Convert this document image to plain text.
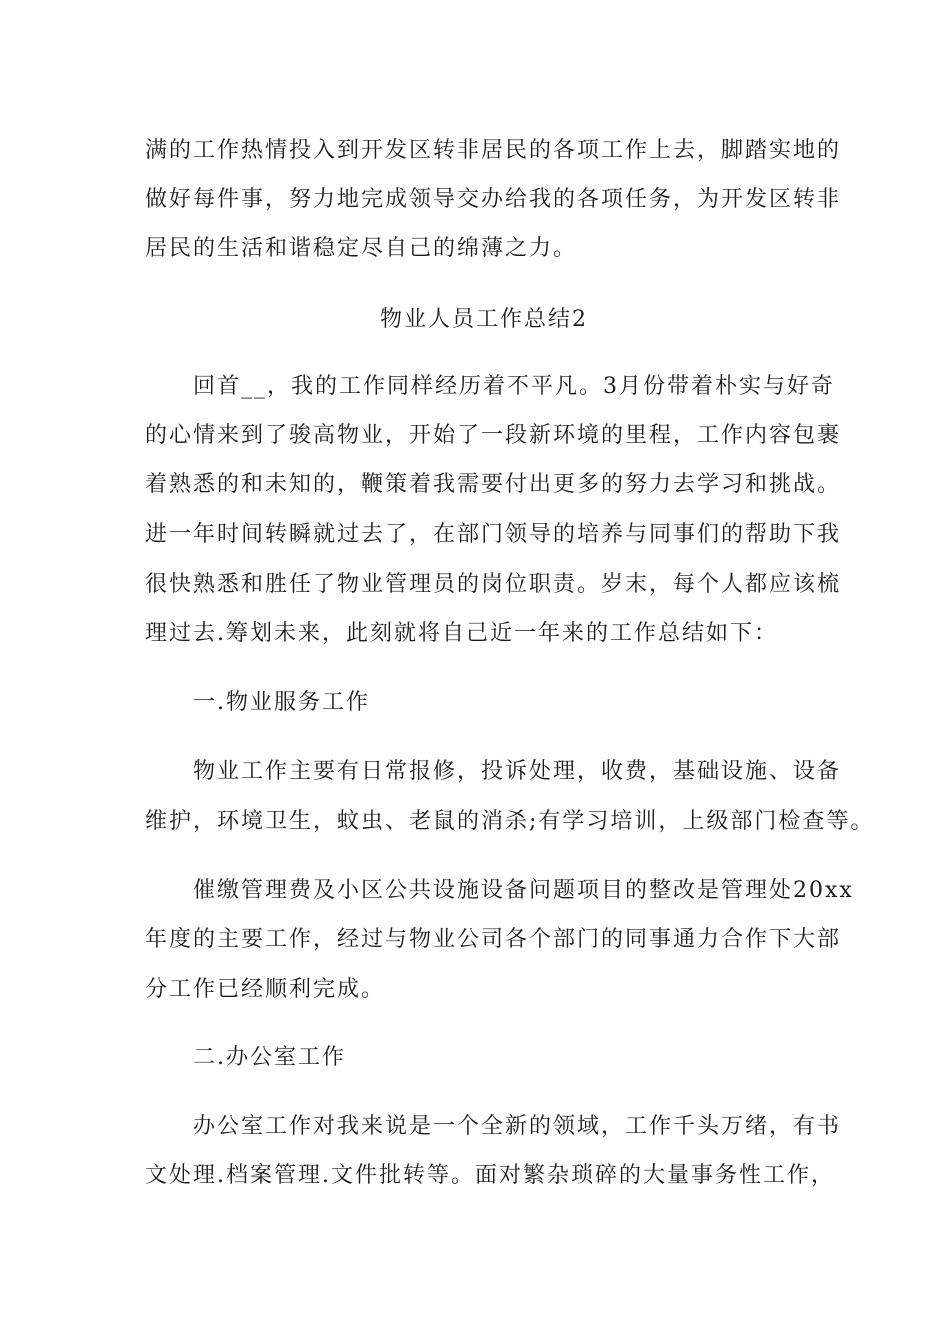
满的工作热情投入到开发区转非居民的各项工作上去，脚踏实地的
做好每件事，努力地完成领导交办给我的各项任务，为开发区转非
居民的生活和谐稳定尽自己的绵薄之力。
物业人员工作总结2
回首__，我的工作同样经历着不平凡。3月份带着朴实与好奇
的心情来到了骏高物业，开始了一段新环境的里程，工作内容包裹
着熟悉的和未知的，鞭策着我需要付出更多的努力去学习和挑战。
进一年时间转瞬就过去了，在部门领导的培养与同事们的帮助下我
很快熟悉和胜任了物业管理员的岗位职责。岁末，每个人都应该梳
理过去.筹划未来，此刻就将自己近一年来的工作总结如下：
一.物业服务工作
物业工作主要有日常报修，投诉处理，收费，基础设施、设备
维护，环境卫生，蚊虫、老鼠的消杀;有学习培训，上级部门检查等。
催缴管理费及小区公共设施设备问题项目的整改是管理处20xx
年度的主要工作，经过与物业公司各个部门的同事通力合作下大部
分工作已经顺利完成。
二.办公室工作
办公室工作对我来说是一个全新的领域，工作千头万绪，有书
文处理.档案管理.文件批转等。面对繁杂琐碎的大量事务性工作，
